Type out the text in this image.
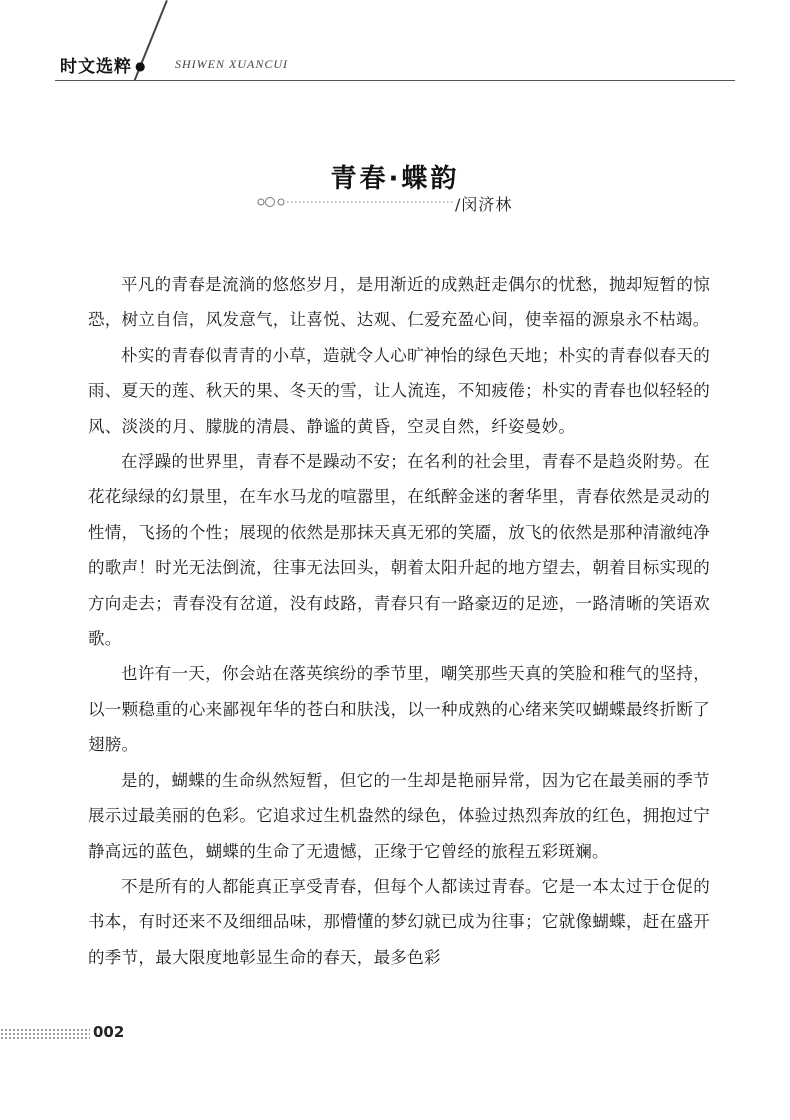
时文选粹 ● SHIWEN XUANCUI
青春·蝶韵
/闵济林

平凡的青春是流淌的悠悠岁月，是用渐近的成熟赶走偶尔的忧愁，抛却短暂的惊恐，树立自信，风发意气，让喜悦、达观、仁爱充盈心间，使幸福的源泉永不枯竭。

朴实的青春似青青的小草，造就令人心旷神怡的绿色天地；朴实的青春似春天的雨、夏天的莲、秋天的果、冬天的雪，让人流连，不知疲倦；朴实的青春也似轻轻的风、淡淡的月、朦胧的清晨、静谧的黄昏，空灵自然，纤姿曼妙。

在浮躁的世界里，青春不是躁动不安；在名利的社会里，青春不是趋炎附势。在花花绿绿的幻景里，在车水马龙的喧嚣里，在纸醉金迷的奢华里，青春依然是灵动的性情，飞扬的个性；展现的依然是那抹天真无邪的笑靥，放飞的依然是那种清澈纯净的歌声！时光无法倒流，往事无法回头，朝着太阳升起的地方望去，朝着目标实现的方向走去；青春没有岔道，没有歧路，青春只有一路豪迈的足迹，一路清晰的笑语欢歌。

也许有一天，你会站在落英缤纷的季节里，嘲笑那些天真的笑脸和稚气的坚持，以一颗稳重的心来鄙视年华的苍白和肤浅，以一种成熟的心绪来笑叹蝴蝶最终折断了翅膀。

是的，蝴蝶的生命纵然短暂，但它的一生却是艳丽异常，因为它在最美丽的季节展示过最美丽的色彩。它追求过生机盎然的绿色，体验过热烈奔放的红色，拥抱过宁静高远的蓝色，蝴蝶的生命了无遗憾，正缘于它曾经的旅程五彩斑斓。

不是所有的人都能真正享受青春，但每个人都读过青春。它是一本太过于仓促的书本，有时还来不及细细品味，那懵懂的梦幻就已成为往事；它就像蝴蝶，赶在盛开的季节，最大限度地彰显生命的春天，最多色彩

002
